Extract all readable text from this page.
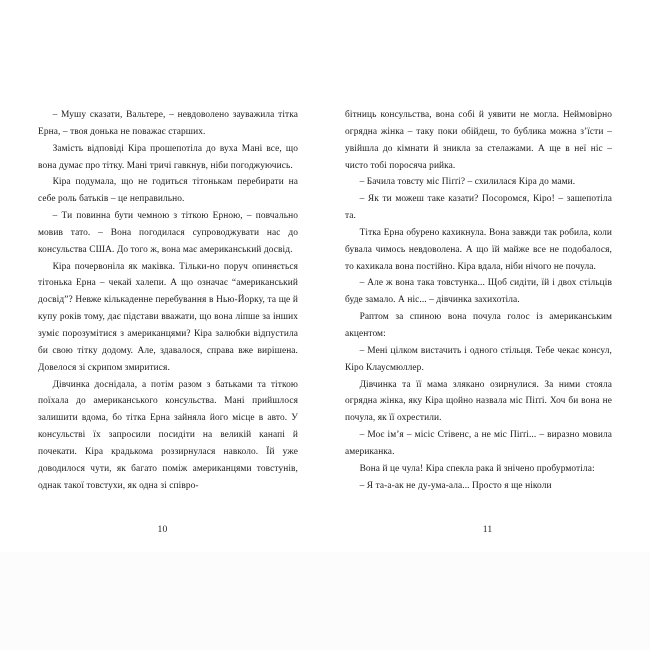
– Мушу сказати, Вальтере, – невдоволено зауважила тітка Ерна, – твоя донька не поважає старших.

Замість відповіді Кіра прошепотіла до вуха Мані все, що вона думає про тітку. Мані тричі гавкнув, ніби погоджуючись.

Кіра подумала, що не годиться тітонькам перебирати на себе роль батьків – це неправильно.

– Ти повинна бути чемною з тіткою Ерною, – повчально мовив тато. – Вона погодилася супроводжувати нас до консульства США. До того ж, вона має американський досвід.

Кіра почервоніла як маківка. Тільки-но поруч опиняється тітонька Ерна – чекай халепи. А що означає “американський досвід”? Невже кількаденне перебування в Нью-Йорку, та ще й купу років тому, дає підстави вважати, що вона ліпше за інших зуміє порозумітися з американцями? Кіра залюбки відпустила би свою тітку додому. Але, здавалося, справа вже вирішена. Довелося зі скрипом змиритися.

Дівчинка доснідала, а потім разом з батьками та тіткою поїхала до американського консульства. Мані прийшлося залишити вдома, бо тітка Ерна зайняла його місце в авто. У консульстві їх запросили посидіти на великій канапі й почекати. Кіра крадькома роззирнулася навколо. Їй уже доводилося чути, як багато поміж американцями товстунів, однак такої товстухи, як одна зі співро-

10

бітниць консульства, вона собі й уявити не могла. Неймовірно огрядна жінка – таку поки обійдеш, то бублика можна з’їсти – увійшла до кімнати й зникла за стелажами. А ще в неї ніс – чисто тобі поросяча рийка.

– Бачила товсту міс Піґґі? – схилилася Кіра до мами.

– Як ти можеш таке казати? Посоромся, Кіро! – зашепотіла та.

Тітка Ерна обурено кахикнула. Вона завжди так робила, коли бувала чимось невдоволена. А що їй майже все не подобалося, то кахикала вона постійно. Кіра вдала, ніби нічого не почула.

– Але ж вона така товстунка... Щоб сидіти, їй і двох стільців буде замало. А ніс... – дівчинка захихотіла.

Раптом за спиною вона почула голос із американським акцентом:

– Мені цілком вистачить і одного стільця. Тебе чекає консул, Кіро Клаусмюллер.

Дівчинка та її мама злякано озирнулися. За ними стояла огрядна жінка, яку Кіра щойно назвала міс Піґґі. Хоч би вона не почула, як її охрестили.

– Моє ім’я – місіс Стівенс, а не міс Піґґі... – виразно мовила американка.

Вона й це чула! Кіра спекла рака й знічено пробурмотіла:

– Я та-а-ак не ду-ума-ала... Просто я ще ніколи

11
